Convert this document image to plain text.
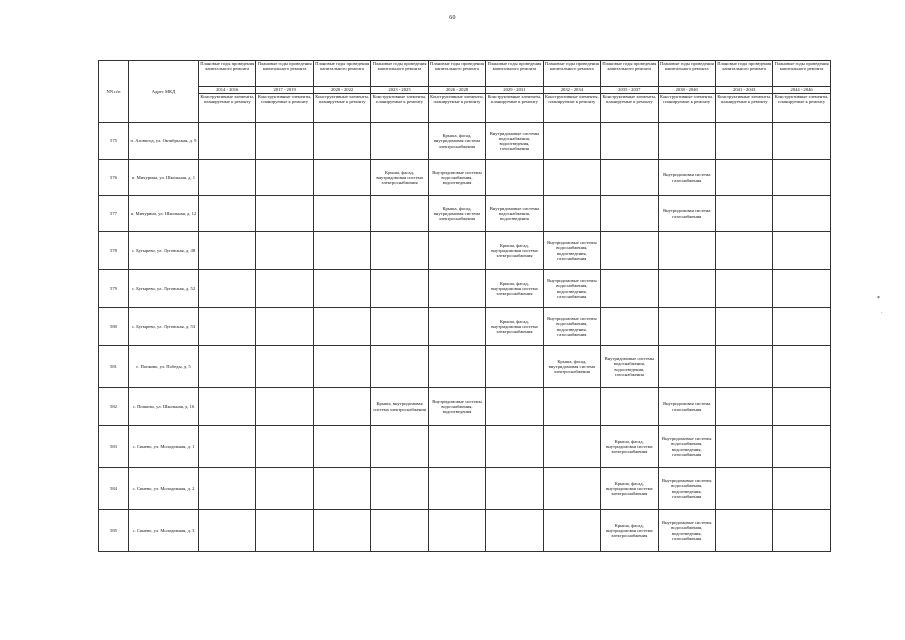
60
NN п/п	Адрес МКД	Плановые годы проведения капитального ремонта	Плановые годы проведения капитального ремонта	Плановые годы проведения капитального ремонта	Плановые годы проведения капитального ремонта	Плановые годы проведения капитального ремонта	Плановые годы проведения капитального ремонта	Плановые годы проведения капитального ремонта	Плановые годы проведения капитального ремонта	Плановые годы проведения капитального ремонта	Плановые годы проведения капитального ремонта	Плановые годы проведения капитального ремонта
		2014 - 2016	2017 - 2019	2020 - 2022	2023 - 2025	2026 - 2028	2029 - 2031	2032 - 2034	2035 - 2037	2038 - 2040	2041 - 2043	2044 - 2046
		Конструктивные элементы, планируемые к ремонту	Конструктивные элементы, планируемые к ремонту	Конструктивные элементы, планируемые к ремонту	Конструктивные элементы, планируемые к ремонту	Конструктивные элементы, планируемые к ремонту	Конструктивные элементы, планируемые к ремонту	Конструктивные элементы, планируемые к ремонту	Конструктивные элементы, планируемые к ремонту	Конструктивные элементы, планируемые к ремонту	Конструктивные элементы, планируемые к ремонту	Конструктивные элементы, планируемые к ремонту
575	п. Азовпгод, ул. Октябрьская, д. 9					Крыша, фасад, внутридомовая система электроснабжения	Внутридомовые системы водоснабжения, водоотведения, газоснабжения					
576	п. Мичурина, ул. Школьная, д. 1				Крыша, фасад, внутридомовая система электроснабжения	Внутридомовые системы водоснабжения, водоотведения				Внутридомовая система газоснабжения		
577	п. Мичурина, ул. Школьная, д. 12					Крыша, фасад, внутридомовая система электроснабжения	Внутридомовые системы водоснабжения, водоотведения			Внутридомовая система газоснабжения		
578	с. Бугырево, ул. Луговская, д. 48						Крыша, фасад, внутридомовая система электроснабжения	Внутридомовые системы водоснабжения, водоотведения, газоснабжения				
579	с. Бугырево, ул. Луговская, д. 52						Крыша, фасад, внутридомовая система электроснабжения	Внутридомовые системы водоснабжения, водоотведения, газоснабжения				
580	с. Бугырево, ул. Луговская, д. 53						Крыша, фасад, внутридомовая система электроснабжения	Внутридомовые системы водоснабжения, водоотведения, газоснабжения				
581	с. Попково, ул. Победы, д. 5							Крыша, фасад, внутридомовая система электроснабжения	Внутридомовые системы водоснабжения, водоотведения, газоснабжения			
582	с. Попково, ул. Школьная, д. 16				Крыша, внутридомовая система электроснабжения	Внутридомовые системы водоснабжения, водоотведения				Внутридомовая система газоснабжения		
583	с. Синево, ул. Молодежная, д. 1								Крыша, фасад, внутридомовая система электроснабжения	Внутридомовые системы водоснабжения, водоотведения, газоснабжения		
584	с. Синево, ул. Молодежная, д. 2								Крыша, фасад, внутридомовая система электроснабжения	Внутридомовые системы водоснабжения, водоотведения, газоснабжения		
585	с. Синево, ул. Молодежная, д. 3								Крыша, фасад, внутридомовая система электроснабжения	Внутридомовые системы водоснабжения, водоотведения, газоснабжения		
*
·
